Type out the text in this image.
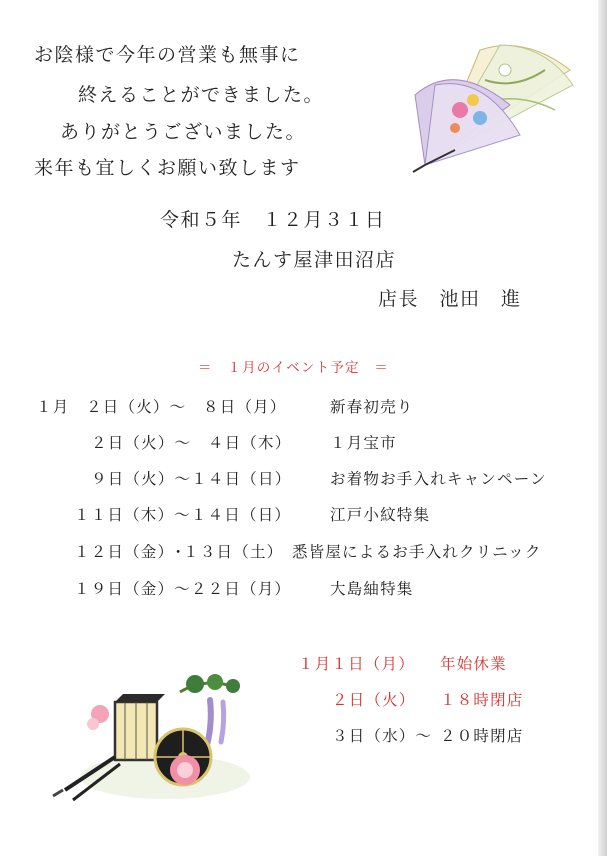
お陰様で今年の営業も無事に
終えることができました。
ありがとうございました。
来年も宜しくお願い致します
令和５年　１２月３１日
たんす屋津田沼店
店長　池田　進
＝　１月のイベント予定　＝
１月　２日（火）～　８日（月）	新春初売り
２日（火）～　４日（木） １月宝市
９日（火）～１４日（日） お着物お手入れキャンペーン
１１日（木）～１４日（日）	江戸小紋特集
１２日（金）･１３日（土） 悉皆屋によるお手入れクリニック
１９日（金）～２２日（月）	大島紬特集
１月１日（月） 年始休業
２日（火） １８時閉店
３日（水）～ ２０時閉店
